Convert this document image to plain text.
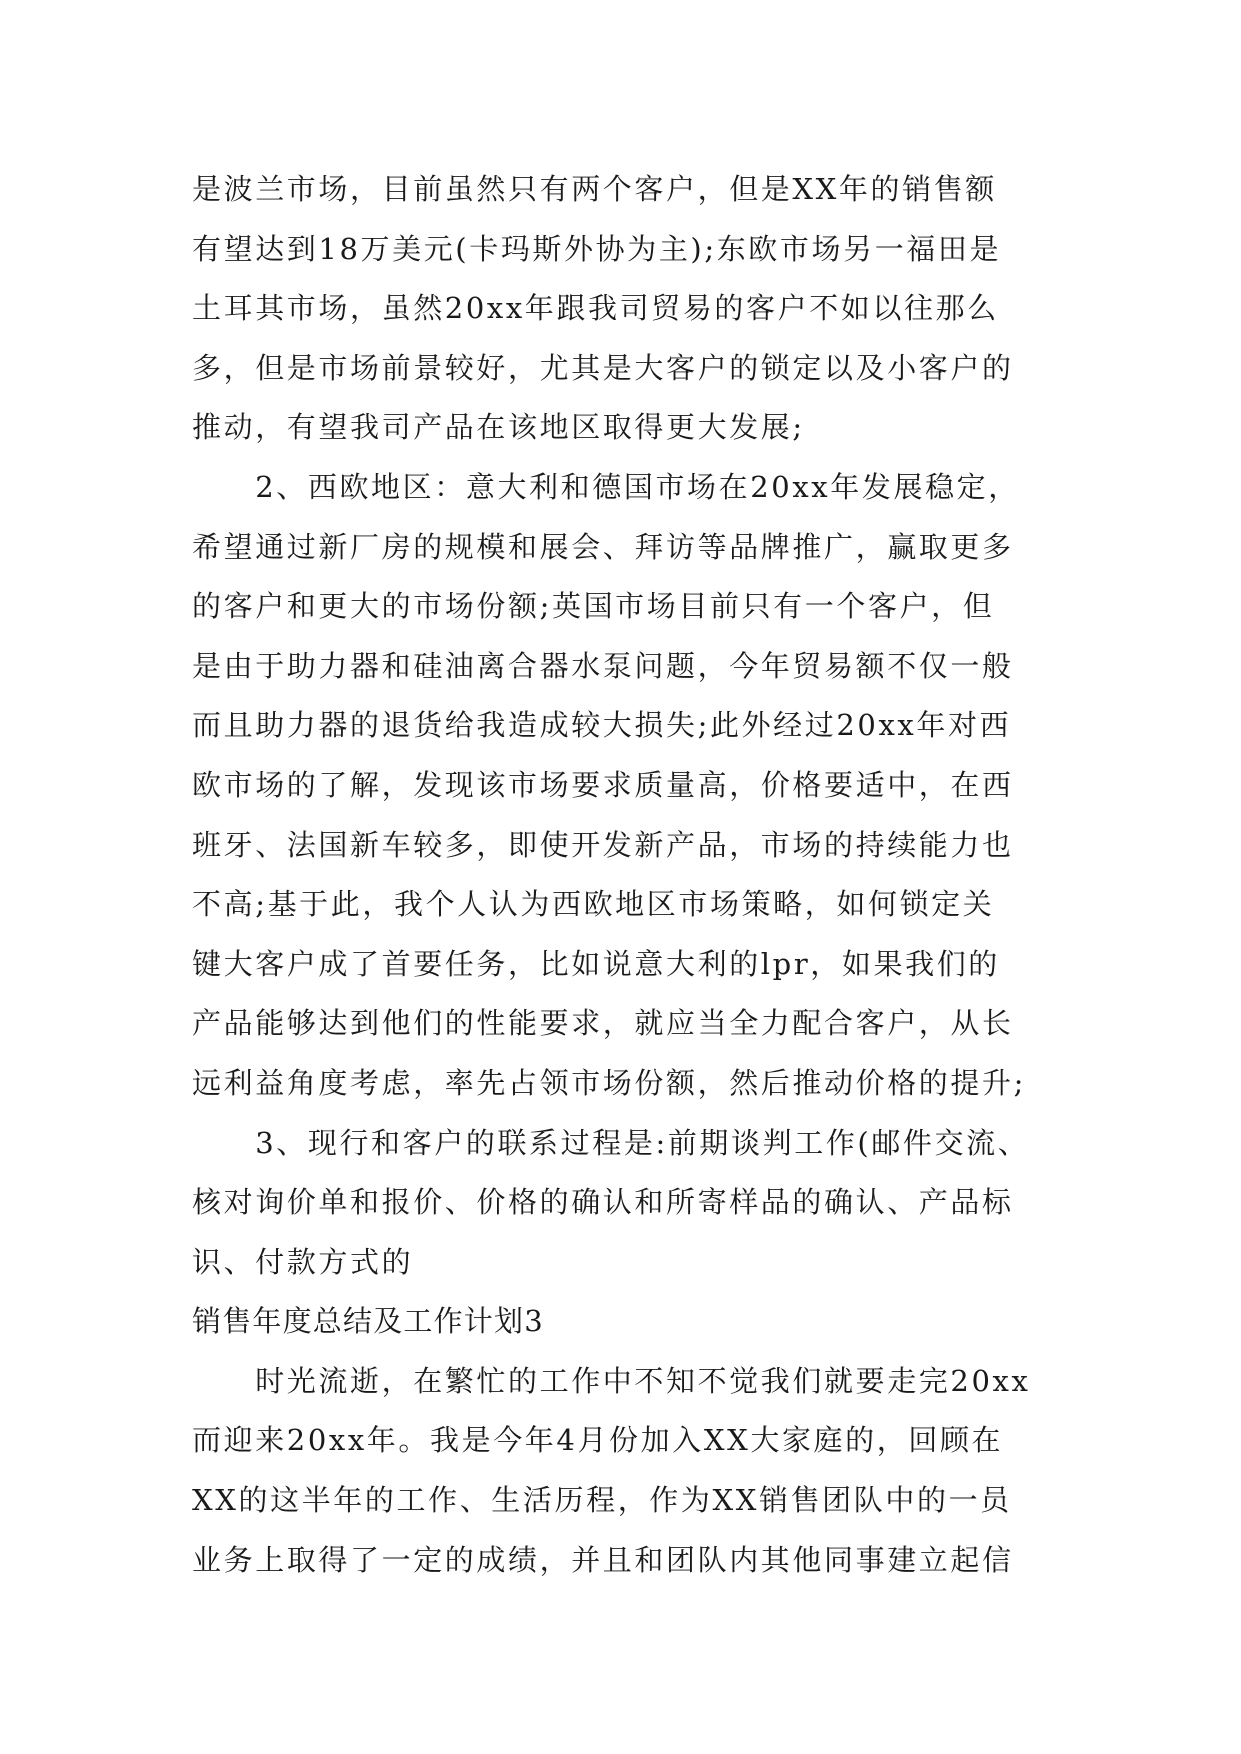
是波兰市场，目前虽然只有两个客户，但是XX年的销售额
有望达到18万美元(卡玛斯外协为主);东欧市场另一福田是
土耳其市场，虽然20xx年跟我司贸易的客户不如以往那么
多，但是市场前景较好，尤其是大客户的锁定以及小客户的
推动，有望我司产品在该地区取得更大发展;
　　2、西欧地区：意大利和德国市场在20xx年发展稳定，
希望通过新厂房的规模和展会、拜访等品牌推广，赢取更多
的客户和更大的市场份额;英国市场目前只有一个客户，但
是由于助力器和硅油离合器水泵问题，今年贸易额不仅一般
而且助力器的退货给我造成较大损失;此外经过20xx年对西
欧市场的了解，发现该市场要求质量高，价格要适中，在西
班牙、法国新车较多，即使开发新产品，市场的持续能力也
不高;基于此，我个人认为西欧地区市场策略，如何锁定关
键大客户成了首要任务，比如说意大利的lpr，如果我们的
产品能够达到他们的性能要求，就应当全力配合客户，从长
远利益角度考虑，率先占领市场份额，然后推动价格的提升;
　　3、现行和客户的联系过程是:前期谈判工作(邮件交流、
核对询价单和报价、价格的确认和所寄样品的确认、产品标
识、付款方式的
销售年度总结及工作计划3
　　时光流逝，在繁忙的工作中不知不觉我们就要走完20xx
而迎来20xx年。我是今年4月份加入XX大家庭的，回顾在
XX的这半年的工作、生活历程，作为XX销售团队中的一员
业务上取得了一定的成绩，并且和团队内其他同事建立起信
